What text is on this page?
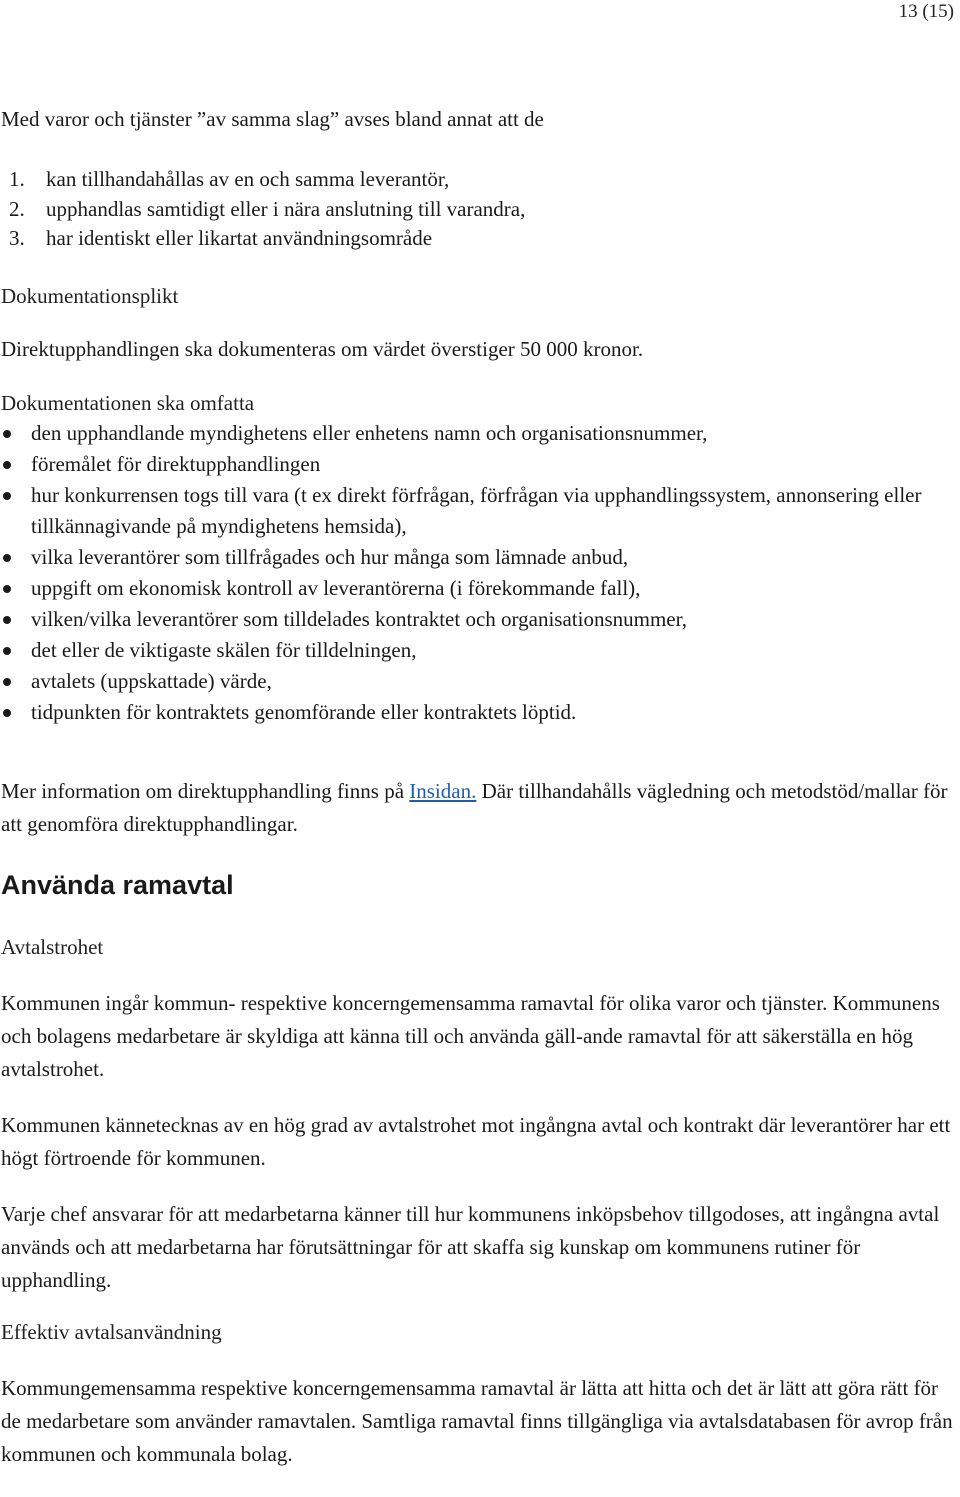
13 (15)

Med varor och tjänster ”av samma slag” avses bland annat att de

1. kan tillhandahållas av en och samma leverantör,
2. upphandlas samtidigt eller i nära anslutning till varandra,
3. har identiskt eller likartat användningsområde

Dokumentationsplikt

Direktupphandlingen ska dokumenteras om värdet överstiger 50 000 kronor.

Dokumentationen ska omfatta

den upphandlande myndighetens eller enhetens namn och organisationsnummer,
föremålet för direktupphandlingen
hur konkurrensen togs till vara (t ex direkt förfrågan, förfrågan via upphandlingssystem, annonsering eller tillkännagivande på myndighetens hemsida),
vilka leverantörer som tillfrågades och hur många som lämnade anbud,
uppgift om ekonomisk kontroll av leverantörerna (i förekommande fall),
vilken/vilka leverantörer som tilldelades kontraktet och organisationsnummer,
det eller de viktigaste skälen för tilldelningen,
avtalets (uppskattade) värde,
tidpunkten för kontraktets genomförande eller kontraktets löptid.

Mer information om direktupphandling finns på Insidan. Där tillhandahålls vägledning och metodstöd/mallar för att genomföra direktupphandlingar.

Använda ramavtal

Avtalstrohet

Kommunen ingår kommun- respektive koncerngemensamma ramavtal för olika varor och tjänster. Kommunens och bolagens medarbetare är skyldiga att känna till och använda gäll-ande ramavtal för att säkerställa en hög avtalstrohet.

Kommunen kännetecknas av en hög grad av avtalstrohet mot ingångna avtal och kontrakt där leverantörer har ett högt förtroende för kommunen.

Varje chef ansvarar för att medarbetarna känner till hur kommunens inköpsbehov tillgodoses, att ingångna avtal används och att medarbetarna har förutsättningar för att skaffa sig kunskap om kommunens rutiner för upphandling.

Effektiv avtalsanvändning

Kommungemensamma respektive koncerngemensamma ramavtal är lätta att hitta och det är lätt att göra rätt för de medarbetare som använder ramavtalen. Samtliga ramavtal finns tillgängliga via avtalsdatabasen för avrop från kommunen och kommunala bolag.
